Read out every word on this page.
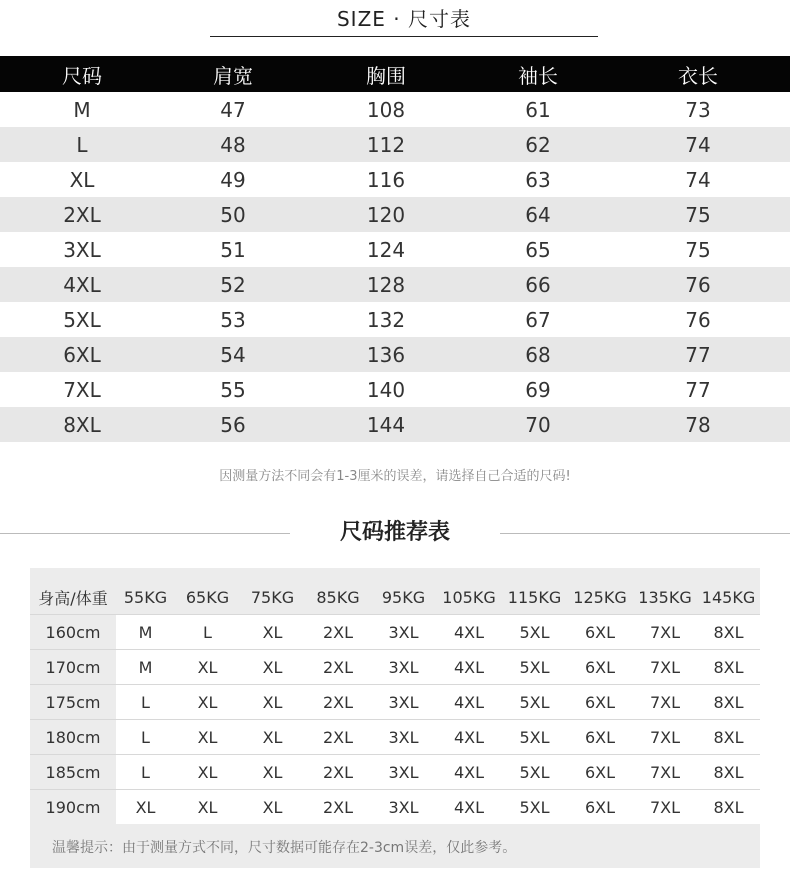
SIZE · 尺寸表
尺码	肩宽	胸围	袖长	衣长
M	47	108	61	73
L	48	112	62	74
XL	49	116	63	74
2XL	50	120	64	75
3XL	51	124	65	75
4XL	52	128	66	76
5XL	53	132	67	76
6XL	54	136	68	77
7XL	55	140	69	77
8XL	56	144	70	78
因测量方法不同会有1-3厘米的误差，请选择自己合适的尺码!
尺码推荐表
身高/体重	55KG	65KG	75KG	85KG	95KG	105KG	115KG	125KG	135KG	145KG
160cm	M	L	XL	2XL	3XL	4XL	5XL	6XL	7XL	8XL
170cm	M	XL	XL	2XL	3XL	4XL	5XL	6XL	7XL	8XL
175cm	L	XL	XL	2XL	3XL	4XL	5XL	6XL	7XL	8XL
180cm	L	XL	XL	2XL	3XL	4XL	5XL	6XL	7XL	8XL
185cm	L	XL	XL	2XL	3XL	4XL	5XL	6XL	7XL	8XL
190cm	XL	XL	XL	2XL	3XL	4XL	5XL	6XL	7XL	8XL
温馨提示：由于测量方式不同，尺寸数据可能存在2-3cm误差，仅此参考。
